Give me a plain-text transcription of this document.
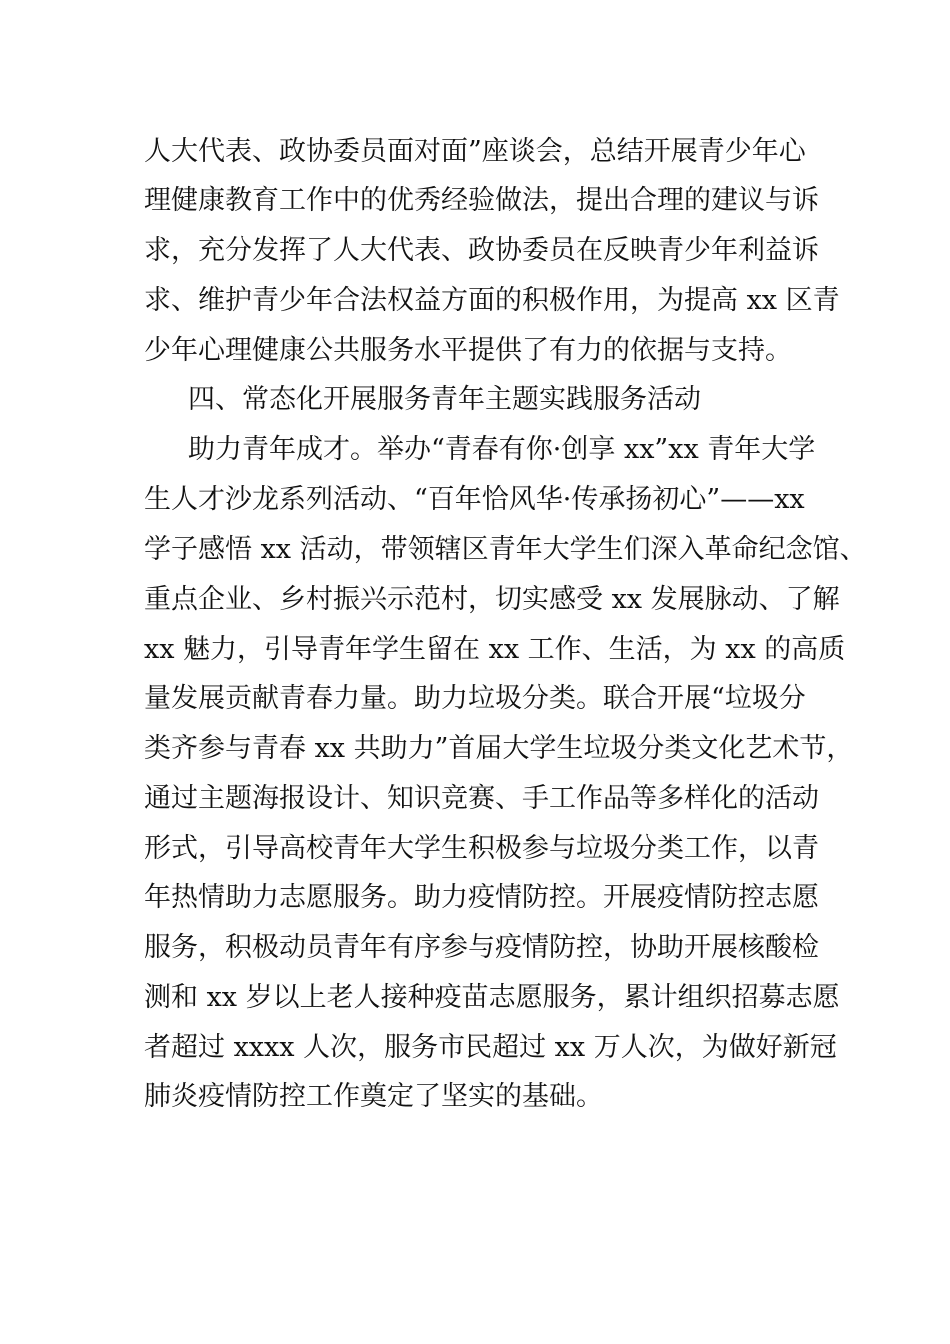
人大代表、政协委员面对面”座谈会，总结开展青少年心

理健康教育工作中的优秀经验做法，提出合理的建议与诉

求，充分发挥了人大代表、政协委员在反映青少年利益诉

求、维护青少年合法权益方面的积极作用，为提高 xx 区青

少年心理健康公共服务水平提供了有力的依据与支持。

四、常态化开展服务青年主题实践服务活动

助力青年成才。举办“青春有你·创享 xx”xx 青年大学

生人才沙龙系列活动、“百年恰风华·传承扬初心”——xx

学子感悟 xx 活动，带领辖区青年大学生们深入革命纪念馆、

重点企业、乡村振兴示范村，切实感受 xx 发展脉动、了解

xx 魅力，引导青年学生留在 xx 工作、生活，为 xx 的高质

量发展贡献青春力量。助力垃圾分类。联合开展“垃圾分

类齐参与青春 xx 共助力”首届大学生垃圾分类文化艺术节，

通过主题海报设计、知识竞赛、手工作品等多样化的活动

形式，引导高校青年大学生积极参与垃圾分类工作，以青

年热情助力志愿服务。助力疫情防控。开展疫情防控志愿

服务，积极动员青年有序参与疫情防控，协助开展核酸检

测和 xx 岁以上老人接种疫苗志愿服务，累计组织招募志愿

者超过 xxxx 人次，服务市民超过 xx 万人次，为做好新冠

肺炎疫情防控工作奠定了坚实的基础。
